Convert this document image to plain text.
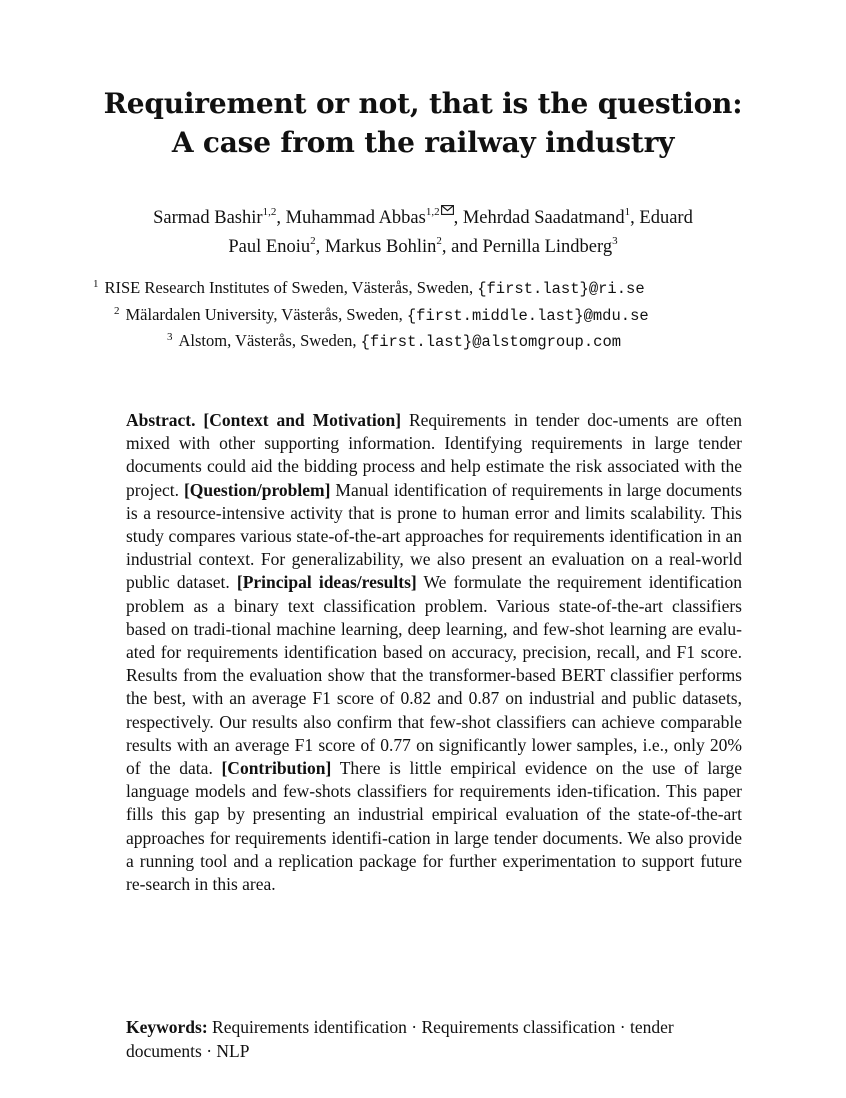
Requirement or not, that is the question:
A case from the railway industry
Sarmad Bashir$^{1,2}$, Muhammad Abbas$^{1,2}$ , Mehrdad Saadatmand$^1$, Eduard
Paul Enoiu$^2$, Markus Bohlin$^2$, and Pernilla Lindberg$^3$
$^1$ RISE Research Institutes of Sweden, Västerås, Sweden, {first.last}@ri.se
$^2$ Mälardalen University, Västerås, Sweden, {first.middle.last}@mdu.se
$^3$ Alstom, Västerås, Sweden, {first.last}@alstomgroup.com
Abstract. [Context and Motivation] Requirements in tender doc-uments are often mixed with other supporting information. Identifying requirements in large tender documents could aid the bidding process and help estimate the risk associated with the project. [Question/problem] Manual identification of requirements in large documents is a resource-intensive activity that is prone to human error and limits scalability. This study compares various state-of-the-art approaches for requirements identification in an industrial context. For generalizability, we also present an evaluation on a real-world public dataset. [Principal ideas/results] We formulate the requirement identification problem as a binary text classification problem. Various state-of-the-art classifiers based on tradi-tional machine learning, deep learning, and few-shot learning are evalu-ated for requirements identification based on accuracy, precision, recall, and F1 score. Results from the evaluation show that the transformer-based BERT classifier performs the best, with an average F1 score of 0.82 and 0.87 on industrial and public datasets, respectively. Our results also confirm that few-shot classifiers can achieve comparable results with an average F1 score of 0.77 on significantly lower samples, i.e., only 20% of the data. [Contribution] There is little empirical evidence on the use of large language models and few-shots classifiers for requirements iden-tification. This paper fills this gap by presenting an industrial empirical evaluation of the state-of-the-art approaches for requirements identifi-cation in large tender documents. We also provide a running tool and a replication package for further experimentation to support future re-search in this area.
Keywords: Requirements identification · Requirements classification · tender documents · NLP
